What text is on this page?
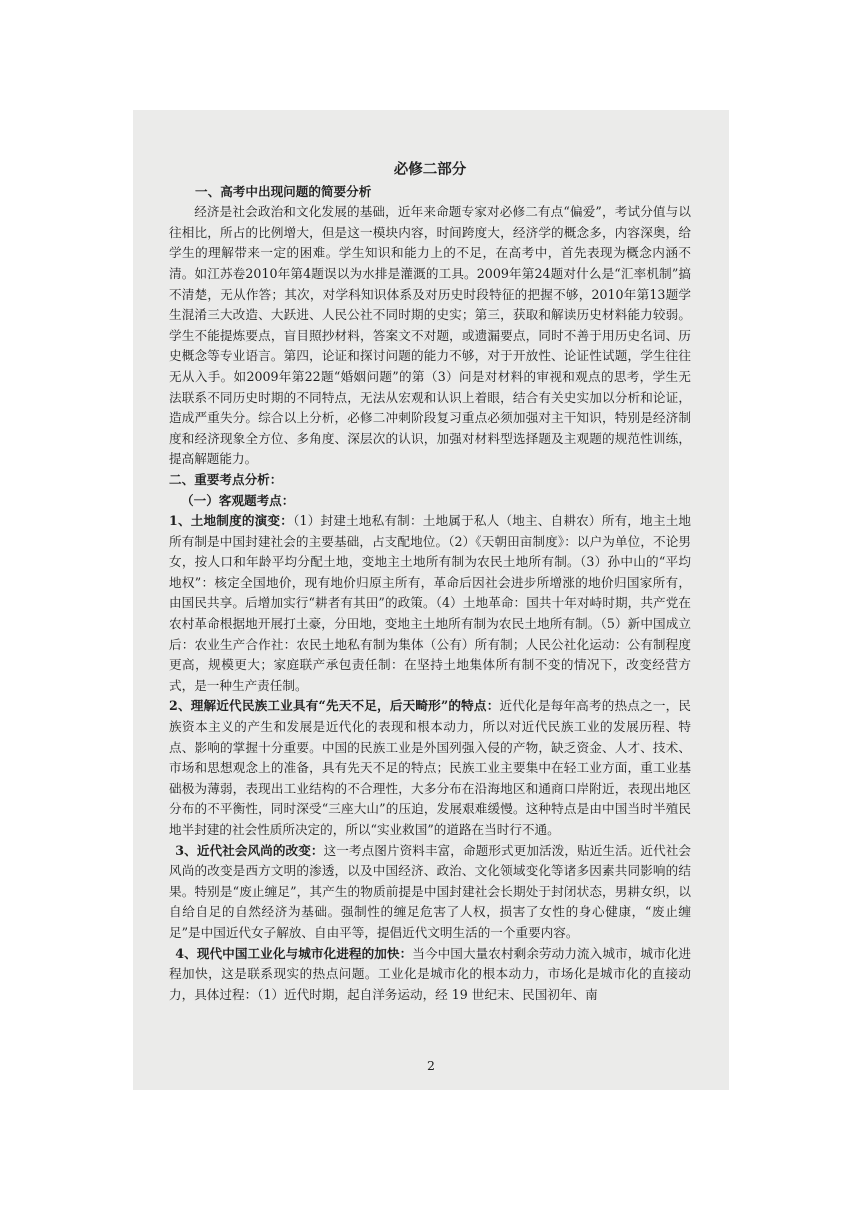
必修二部分
一、高考中出现问题的简要分析

经济是社会政治和文化发展的基础，近年来命题专家对必修二有点“偏爱”，考试分值与以往相比，所占的比例增大，但是这一模块内容，时间跨度大，经济学的概念多，内容深奥，给学生的理解带来一定的困难。学生知识和能力上的不足，在高考中，首先表现为概念内涵不清。如江苏卷2010年第4题误以为水排是灌溉的工具。2009年第24题对什么是“汇率机制”搞不清楚，无从作答；其次，对学科知识体系及对历史时段特征的把握不够，2010年第13题学生混淆三大改造、大跃进、人民公社不同时期的史实；第三，获取和解读历史材料能力较弱。学生不能提炼要点，盲目照抄材料，答案文不对题，或遗漏要点，同时不善于用历史名词、历史概念等专业语言。第四，论证和探讨问题的能力不够，对于开放性、论证性试题，学生往往无从入手。如2009年第22题“婚姻问题”的第（3）问是对材料的审视和观点的思考，学生无法联系不同历史时期的不同特点，无法从宏观和认识上着眼，结合有关史实加以分析和论证，造成严重失分。综合以上分析，必修二冲刺阶段复习重点必须加强对主干知识，特别是经济制度和经济现象全方位、多角度、深层次的认识，加强对材料型选择题及主观题的规范性训练，提高解题能力。

二、重要考点分析：
（一）客观题考点：

1、土地制度的演变：（1）封建土地私有制：土地属于私人（地主、自耕农）所有，地主土地所有制是中国封建社会的主要基础，占支配地位。（2）《天朝田亩制度》：以户为单位，不论男女，按人口和年龄平均分配土地，变地主土地所有制为农民土地所有制。（3）孙中山的“平均地权”：核定全国地价，现有地价归原主所有，革命后因社会进步所增涨的地价归国家所有，由国民共享。后增加实行“耕者有其田”的政策。（4）土地革命：国共十年对峙时期，共产党在农村革命根据地开展打土豪，分田地，变地主土地所有制为农民土地所有制。（5）新中国成立后：农业生产合作社：农民土地私有制为集体（公有）所有制；人民公社化运动：公有制程度更高，规模更大；家庭联产承包责任制：在坚持土地集体所有制不变的情况下，改变经营方式，是一种生产责任制。

2、理解近代民族工业具有“先天不足，后天畸形”的特点：近代化是每年高考的热点之一，民族资本主义的产生和发展是近代化的表现和根本动力，所以对近代民族工业的发展历程、特点、影响的掌握十分重要。中国的民族工业是外国列强入侵的产物，缺乏资金、人才、技术、市场和思想观念上的准备，具有先天不足的特点；民族工业主要集中在轻工业方面，重工业基础极为薄弱，表现出工业结构的不合理性，大多分布在沿海地区和通商口岸附近，表现出地区分布的不平衡性，同时深受“三座大山”的压迫，发展艰难缓慢。这种特点是由中国当时半殖民地半封建的社会性质所决定的，所以“实业救国”的道路在当时行不通。

3、近代社会风尚的改变：这一考点图片资料丰富，命题形式更加活泼，贴近生活。近代社会风尚的改变是西方文明的渗透，以及中国经济、政治、文化领域变化等诸多因素共同影响的结果。特别是“废止缠足”，其产生的物质前提是中国封建社会长期处于封闭状态，男耕女织，以自给自足的自然经济为基础。强制性的缠足危害了人权，损害了女性的身心健康，“废止缠足”是中国近代女子解放、自由平等，提倡近代文明生活的一个重要内容。

4、现代中国工业化与城市化进程的加快：当今中国大量农村剩余劳动力流入城市，城市化进程加快，这是联系现实的热点问题。工业化是城市化的根本动力，市场化是城市化的直接动力，具体过程：（1）近代时期，起自洋务运动，经 19 世纪末、民国初年、南

2
